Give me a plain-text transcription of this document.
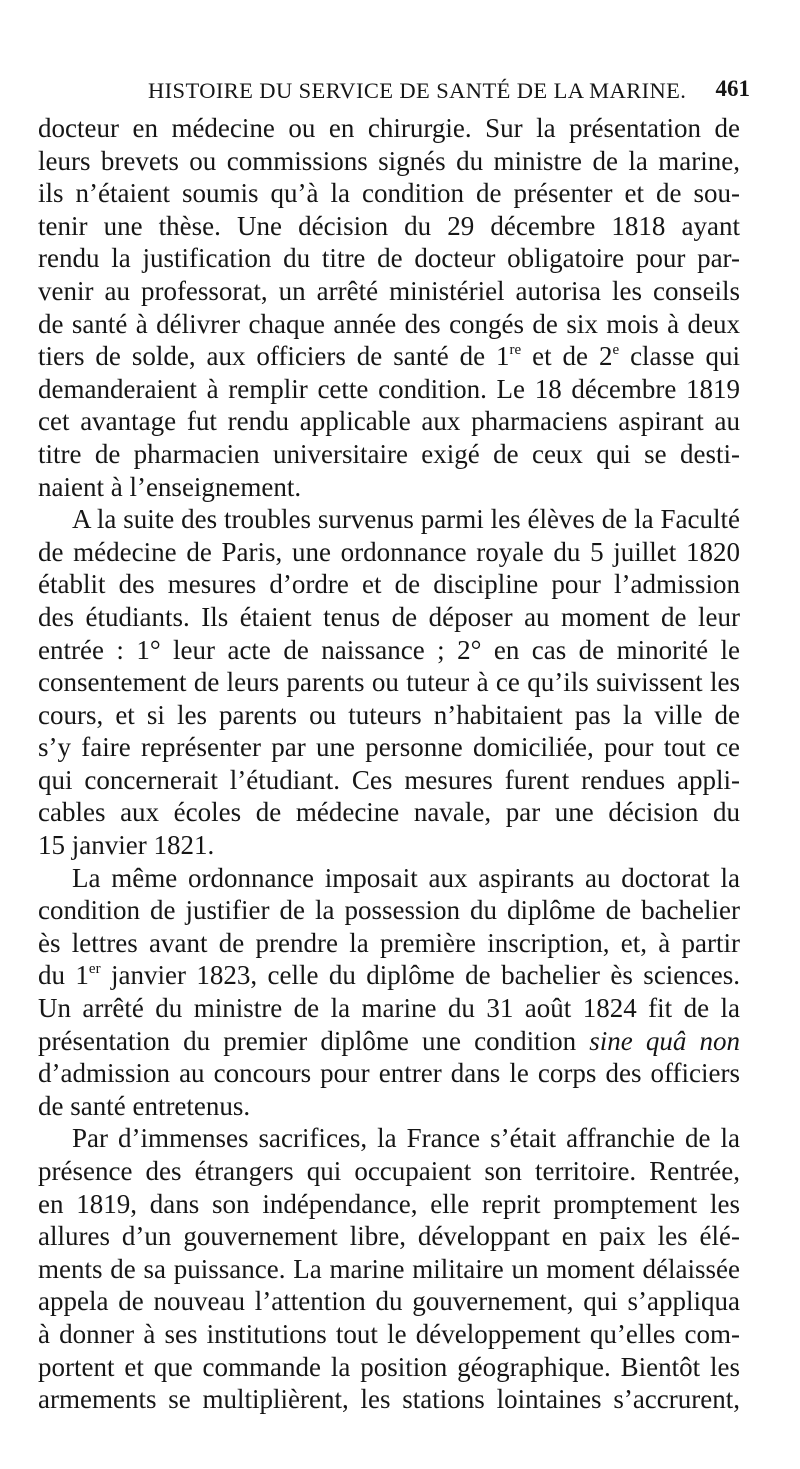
HISTOIRE DU SERVICE DE SANTÉ DE LA MARINE. 461
docteur en médecine ou en chirurgie. Sur la présentation de
leurs brevets ou commissions signés du ministre de la marine,
ils n’étaient soumis qu’à la condition de présenter et de sou-
tenir une thèse. Une décision du 29 décembre 1818 ayant
rendu la justification du titre de docteur obligatoire pour par-
venir au professorat, un arrêté ministériel autorisa les conseils
de santé à délivrer chaque année des congés de six mois à deux
tiers de solde, aux officiers de santé de 1re et de 2e classe qui
demanderaient à remplir cette condition. Le 18 décembre 1819
cet avantage fut rendu applicable aux pharmaciens aspirant au
titre de pharmacien universitaire exigé de ceux qui se desti-
naient à l’enseignement.
A la suite des troubles survenus parmi les élèves de la Faculté
de médecine de Paris, une ordonnance royale du 5 juillet 1820
établit des mesures d’ordre et de discipline pour l’admission
des étudiants. Ils étaient tenus de déposer au moment de leur
entrée : 1° leur acte de naissance ; 2° en cas de minorité le
consentement de leurs parents ou tuteur à ce qu’ils suivissent les
cours, et si les parents ou tuteurs n’habitaient pas la ville de
s’y faire représenter par une personne domiciliée, pour tout ce
qui concernerait l’étudiant. Ces mesures furent rendues appli-
cables aux écoles de médecine navale, par une décision du
15 janvier 1821.
La même ordonnance imposait aux aspirants au doctorat la
condition de justifier de la possession du diplôme de bachelier
ès lettres avant de prendre la première inscription, et, à partir
du 1er janvier 1823, celle du diplôme de bachelier ès sciences.
Un arrêté du ministre de la marine du 31 août 1824 fit de la
présentation du premier diplôme une condition sine quâ non
d’admission au concours pour entrer dans le corps des officiers
de santé entretenus.
Par d’immenses sacrifices, la France s’était affranchie de la
présence des étrangers qui occupaient son territoire. Rentrée,
en 1819, dans son indépendance, elle reprit promptement les
allures d’un gouvernement libre, développant en paix les élé-
ments de sa puissance. La marine militaire un moment délaissée
appela de nouveau l’attention du gouvernement, qui s’appliqua
à donner à ses institutions tout le développement qu’elles com-
portent et que commande la position géographique. Bientôt les
armements se multiplièrent, les stations lointaines s’accrurent,
